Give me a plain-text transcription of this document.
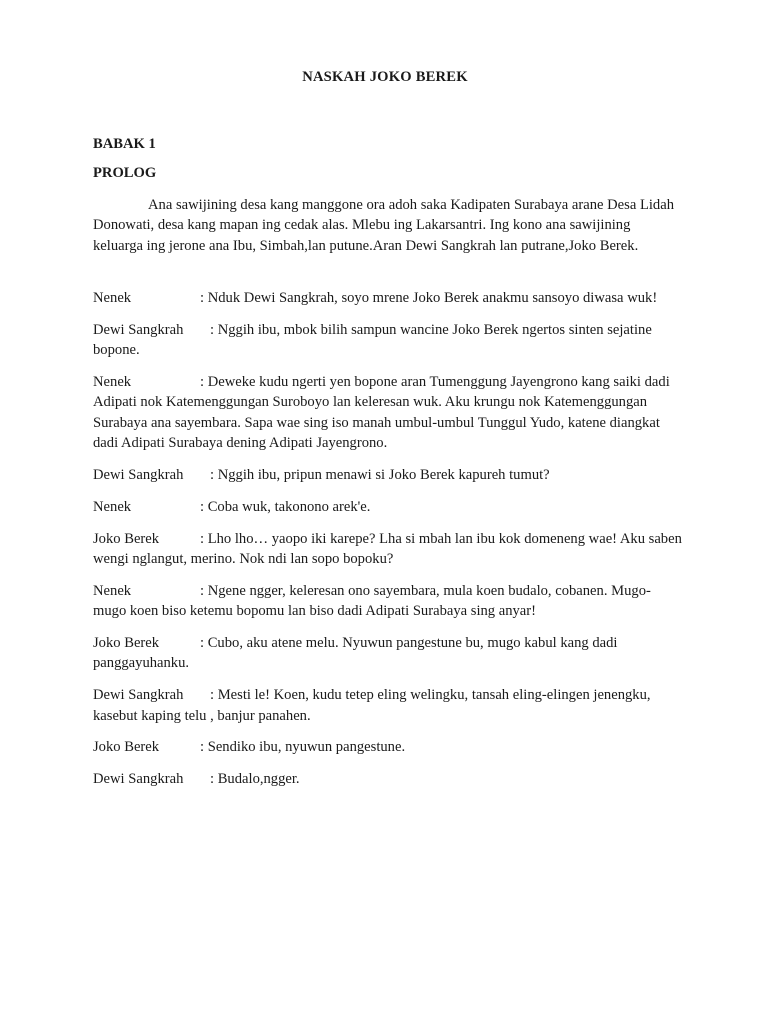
NASKAH JOKO BEREK

BABAK 1

PROLOG

Ana sawijining desa kang manggone ora adoh saka Kadipaten Surabaya arane Desa Lidah Donowati, desa kang mapan ing cedak alas. Mlebu ing Lakarsantri. Ing kono ana sawijining keluarga ing jerone ana Ibu, Simbah,lan putune.Aran Dewi Sangkrah lan putrane,Joko Berek.

Nenek	: Nduk Dewi Sangkrah, soyo mrene Joko Berek anakmu sansoyo diwasa wuk!

Dewi Sangkrah : Nggih ibu, mbok bilih sampun wancine Joko Berek ngertos sinten sejatine bopone.

Nenek	: Deweke kudu ngerti yen bopone aran Tumenggung Jayengrono kang saiki dadi Adipati nok Katemenggungan Suroboyo lan keleresan wuk. Aku krungu nok Katemenggungan Surabaya ana sayembara. Sapa wae sing iso manah umbul-umbul Tunggul Yudo, katene diangkat dadi Adipati Surabaya dening Adipati Jayengrono.

Dewi Sangkrah : Nggih ibu, pripun menawi si Joko Berek kapureh tumut?

Nenek	: Coba wuk, takonono arek'e.

Joko Berek	: Lho lho… yaopo iki karepe? Lha si mbah lan ibu kok domeneng wae! Aku saben wengi nglangut, merino. Nok ndi lan sopo bopoku?

Nenek	: Ngene ngger, keleresan ono sayembara, mula koen budalo, cobanen. Mugo-mugo koen biso ketemu bopomu lan biso dadi Adipati Surabaya sing anyar!

Joko Berek	: Cubo, aku atene melu. Nyuwun pangestune bu, mugo kabul kang dadi panggayuhanku.

Dewi Sangkrah : Mesti le! Koen, kudu tetep eling welingku, tansah eling-elingen jenengku, kasebut kaping telu , banjur panahen.

Joko Berek	: Sendiko ibu, nyuwun pangestune.

Dewi Sangkrah : Budalo,ngger.
